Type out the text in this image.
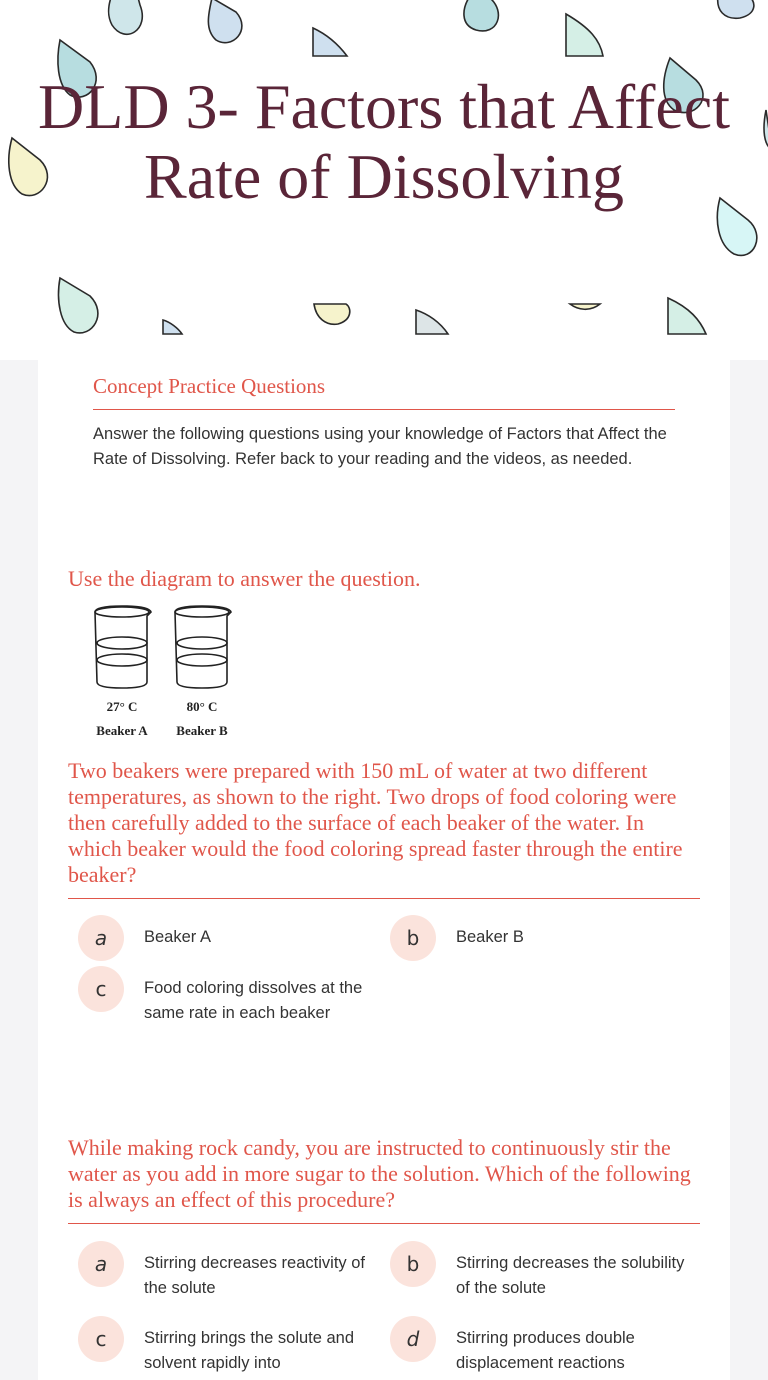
DLD 3- Factors that Affect Rate of Dissolving
Concept Practice Questions
Answer the following questions using your knowledge of Factors that Affect the Rate of Dissolving. Refer back to your reading and the videos, as needed.
Use the diagram to answer the question.
27° C	80° C
Beaker A Beaker B
Two beakers were prepared with 150 mL of water at two different temperatures, as shown to the right. Two drops of food coloring were then carefully added to the surface of each beaker of the water. In which beaker would the food coloring spread faster through the entire beaker?
a	Beaker A	b	Beaker B
c	Food coloring dissolves at the same rate in each beaker
While making rock candy, you are instructed to continuously stir the water as you add in more sugar to the solution. Which of the following is always an effect of this procedure?
a	Stirring decreases reactivity of the solute
b	Stirring decreases the solubility of the solute
c	Stirring brings the solute and solvent rapidly into
d	Stirring produces double displacement reactions
